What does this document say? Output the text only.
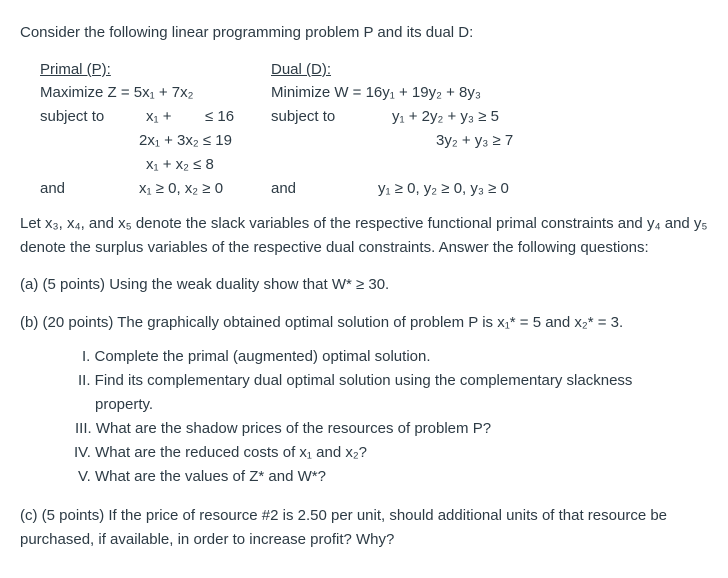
Consider the following linear programming problem P and its dual D:
Primal (P):
Maximize Z = 5x₁ + 7x₂
subject to	x₁ + ≤ 16
2x₁ + 3x₂ ≤ 19
x₁ + x₂ ≤ 8
and	x₁ ≥ 0, x₂ ≥ 0
Dual (D):
Minimize W = 16y₁ + 19y₂ + 8y₃
subject to	y₁ + 2y₂ + y₃ ≥ 5
3y₂ + y₃ ≥ 7
and	y₁ ≥ 0, y₂ ≥ 0, y₃ ≥ 0
Let x₃, x₄, and x₅ denote the slack variables of the respective functional primal constraints and y₄ and y₅ denote the surplus variables of the respective dual constraints. Answer the following questions:
(a) (5 points) Using the weak duality show that W* ≥ 30.
(b) (20 points) The graphically obtained optimal solution of problem P is x₁* = 5 and x₂* = 3.
I. Complete the primal (augmented) optimal solution.
II. Find its complementary dual optimal solution using the complementary slackness
property.
III. What are the shadow prices of the resources of problem P?
IV. What are the reduced costs of x₁ and x₂?
V. What are the values of Z* and W*?
(c) (5 points) If the price of resource #2 is 2.50 per unit, should additional units of that resource be purchased, if available, in order to increase profit? Why?
